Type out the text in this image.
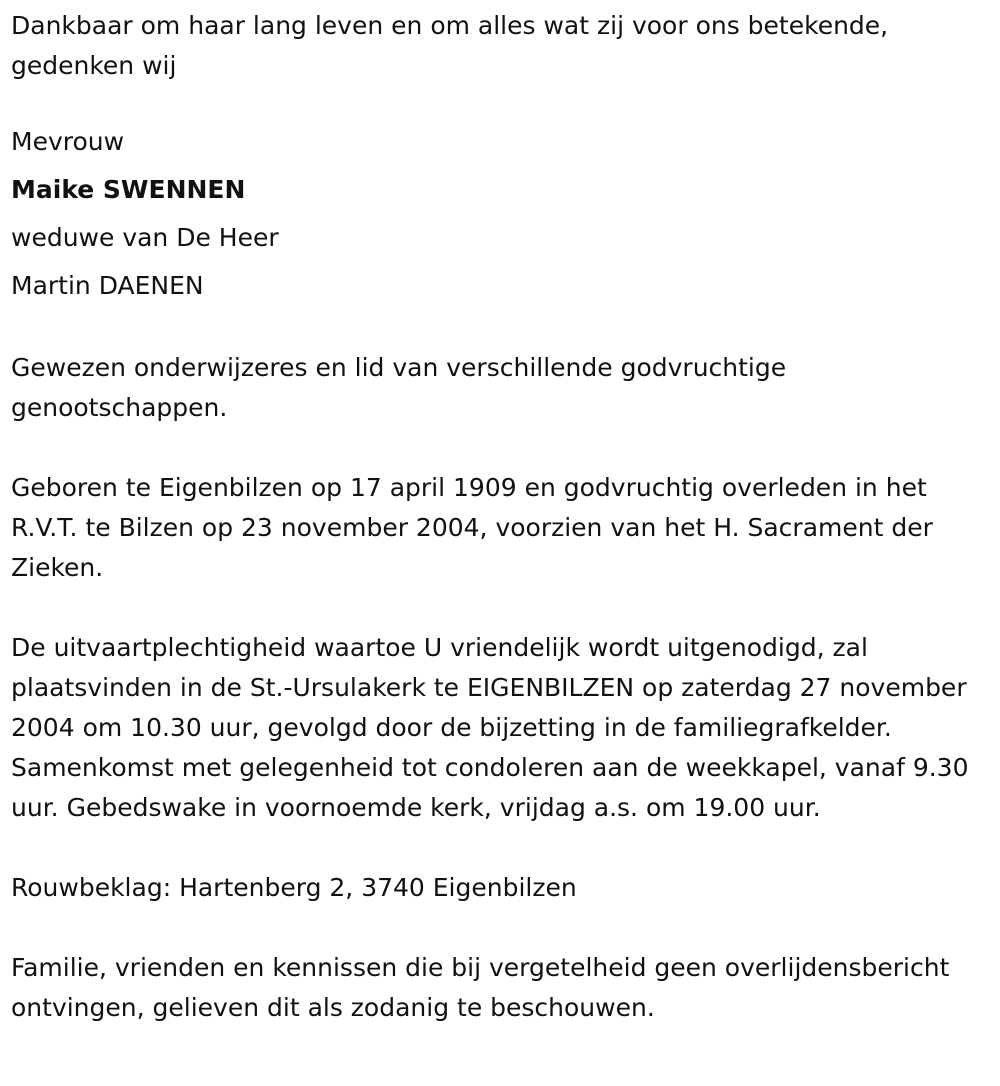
Dankbaar om haar lang leven en om alles wat zij voor ons betekende, gedenken wij

Mevrouw

Maike SWENNEN

weduwe van De Heer

Martin DAENEN

Gewezen onderwijzeres en lid van verschillende godvruchtige genootschappen.

Geboren te Eigenbilzen op 17 april 1909 en godvruchtig overleden in het R.V.T. te Bilzen op 23 november 2004, voorzien van het H. Sacrament der Zieken.

De uitvaartplechtigheid waartoe U vriendelijk wordt uitgenodigd, zal plaatsvinden in de St.-Ursulakerk te EIGENBILZEN op zaterdag 27 november 2004 om 10.30 uur, gevolgd door de bijzetting in de familiegrafkelder. Samenkomst met gelegenheid tot condoleren aan de weekkapel, vanaf 9.30 uur. Gebedswake in voornoemde kerk, vrijdag a.s. om 19.00 uur.

Rouwbeklag: Hartenberg 2, 3740 Eigenbilzen

Familie, vrienden en kennissen die bij vergetelheid geen overlijdensbericht ontvingen, gelieven dit als zodanig te beschouwen.
